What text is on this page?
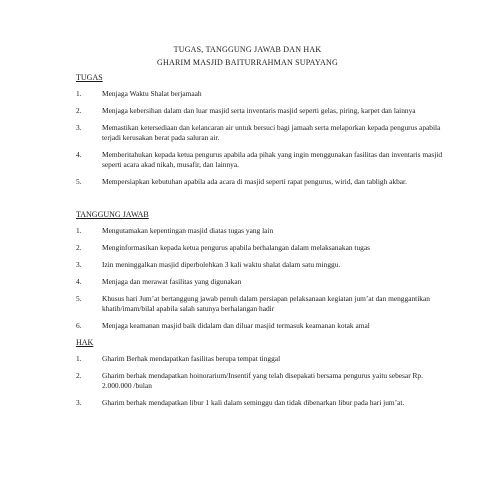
TUGAS, TANGGUNG JAWAB DAN HAK
GHARIM MASJID BAITURRAHMAN SUPAYANG
TUGAS
1.	Menjaga Waktu Shalat berjamaah
2.	Menjaga kebersihan dalam dan luar masjid serta inventaris masjid seperti gelas, piring, karpet dan lainnya
3.	Memastikan ketersediaan dan kelancaran air untuk bersuci bagi jamaah serta melaporkan kepada pengurus apabila terjadi kerusakan berat pada saluran air.
4.	Memberitahukan kepada ketua pengurus apabila ada pihak yang ingin menggunakan fasilitas dan inventaris masjid seperti acara akad nikah, musafir, dan lainnya.
5.	Mempersiapkan kebutuhan apabila ada acara di masjid seperti rapat pengurus, wirid, dan tabligh akbar.
TANGGUNG JAWAB
1.	Mengutamakan kepentingan masjid diatas tugas yang lain
2.	Menginformasikan kepada ketua pengurus apabila berhalangan dalam melaksanakan tugas
3.	Izin meninggalkan masjid diperbolehkan 3 kali waktu shalat dalam satu minggu.
4.	Menjaga dan merawat fasilitas yang digunakan
5.	Khusus hari Jum’at bertanggung jawab penuh dalam persiapan pelaksanaan kegiatan jum’at dan menggantikan khatib/imam/bilal apabila salah satunya berhalangan hadir
6.	Menjaga keamanan masjid baik didalam dan diluar masjid termasuk keamanan kotak amal
HAK
1.	Gharim Berhak mendapatkan fasilitas berupa tempat tinggal
2.	Gharim berhak mendapatkan hoinorarium/Insentif yang telah disepakati bersama pengurus yaitu sebesar Rp. 2.000.000 /bulan
3.	Gharim berhak mendapatkan libur 1 kali dalam seminggu dan tidak dibenarkan libur pada hari jum’at.
